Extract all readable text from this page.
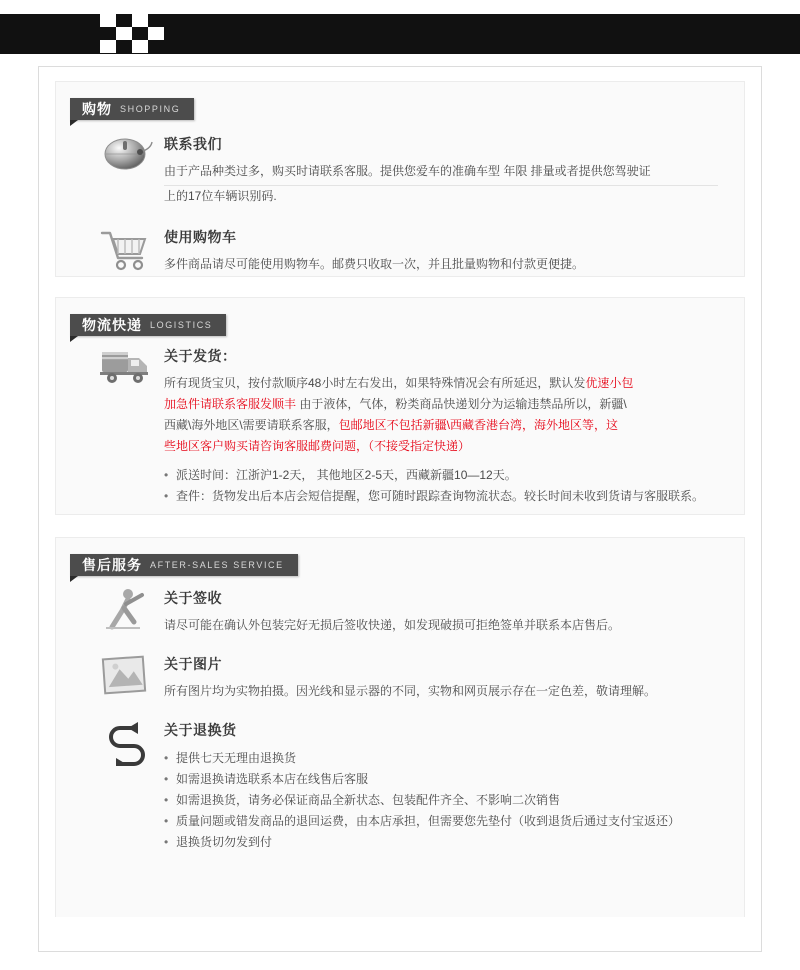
购物 SHOPPING
联系我们
由于产品种类过多，购买时请联系客服。提供您爱车的准确车型 年限 排量或者提供您驾驶证
上的17位车辆识别码.
使用购物车
多件商品请尽可能使用购物车。邮费只收取一次，并且批量购物和付款更便捷。
物流快递 LOGISTICS
关于发货：
所有现货宝贝，按付款顺序48小时左右发出，如果特殊情况会有所延迟，默认发优速小包
加急件请联系客服发顺丰 由于液体，气体，粉类商品快递划分为运输违禁品所以，新疆\
西藏\海外地区\需要请联系客服，包邮地区不包括新疆\西藏香港台湾，海外地区等，这
些地区客户购买请咨询客服邮费问题，（不接受指定快递）
• 派送时间：江浙沪1-2天， 其他地区2-5天，西藏新疆10—12天。
• 查件：货物发出后本店会短信提醒，您可随时跟踪查询物流状态。较长时间未收到货请与客服联系。
售后服务 AFTER-SALES SERVICE
关于签收
请尽可能在确认外包装完好无损后签收快递，如发现破损可拒绝签单并联系本店售后。
关于图片
所有图片均为实物拍摄。因光线和显示器的不同，实物和网页展示存在一定色差，敬请理解。
关于退换货
• 提供七天无理由退换货
• 如需退换请选联系本店在线售后客服
• 如需退换货，请务必保证商品全新状态、包装配件齐全、不影响二次销售
• 质量问题或错发商品的退回运费，由本店承担，但需要您先垫付（收到退货后通过支付宝返还）
• 退换货切勿发到付
